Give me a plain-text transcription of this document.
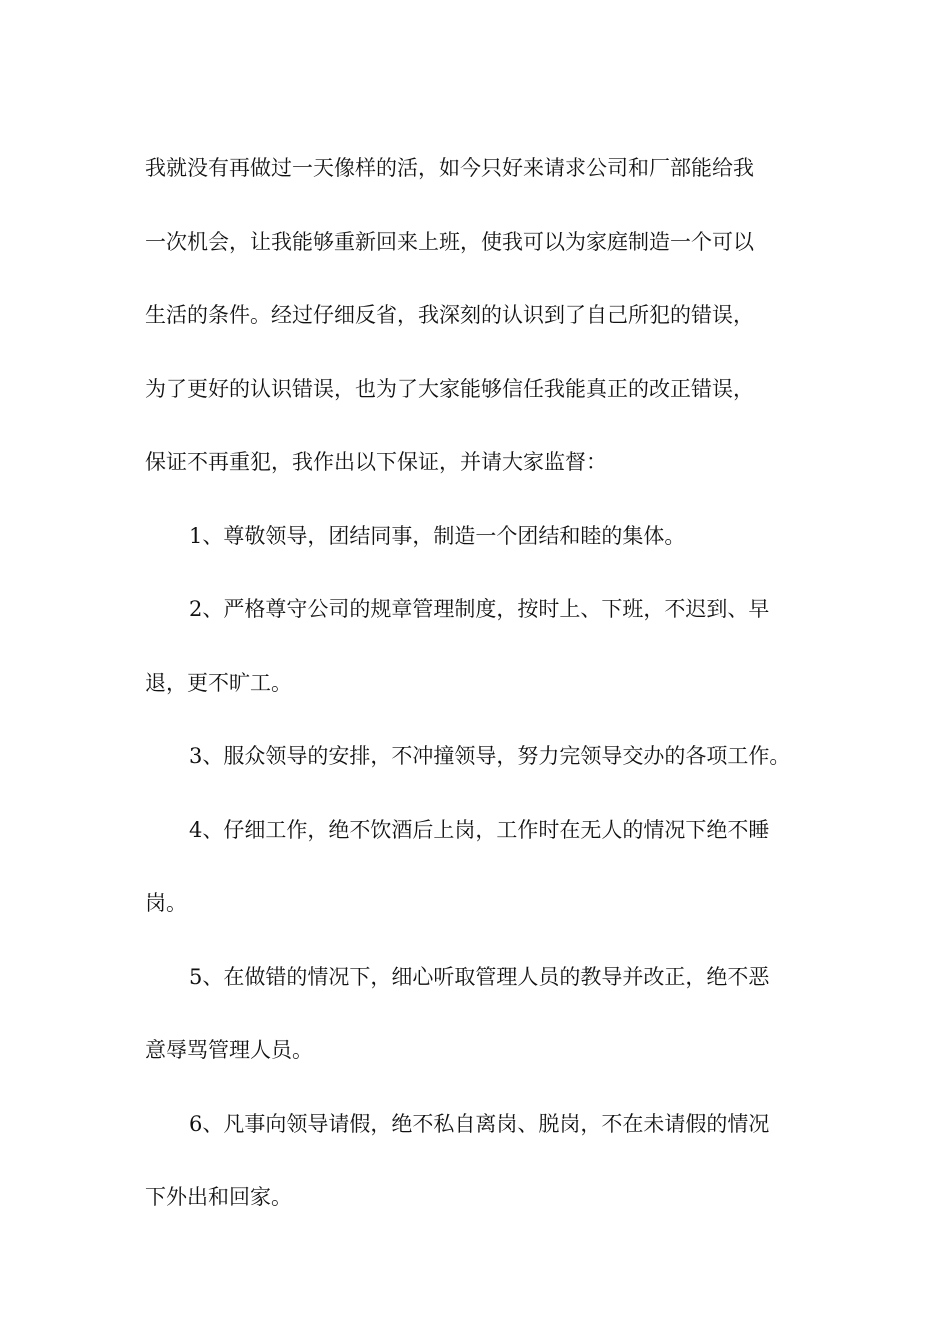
我就没有再做过一天像样的活，如今只好来请求公司和厂部能给我
一次机会，让我能够重新回来上班，使我可以为家庭制造一个可以
生活的条件。经过仔细反省，我深刻的认识到了自己所犯的错误，
为了更好的认识错误，也为了大家能够信任我能真正的改正错误，
保证不再重犯，我作出以下保证，并请大家监督：
1、尊敬领导，团结同事，制造一个团结和睦的集体。
2、严格尊守公司的规章管理制度，按时上、下班，不迟到、早
退，更不旷工。
3、服众领导的安排，不冲撞领导，努力完领导交办的各项工作。
4、仔细工作，绝不饮酒后上岗，工作时在无人的情况下绝不睡
岗。
5、在做错的情况下，细心听取管理人员的教导并改正，绝不恶
意辱骂管理人员。
6、凡事向领导请假，绝不私自离岗、脱岗，不在未请假的情况
下外出和回家。
